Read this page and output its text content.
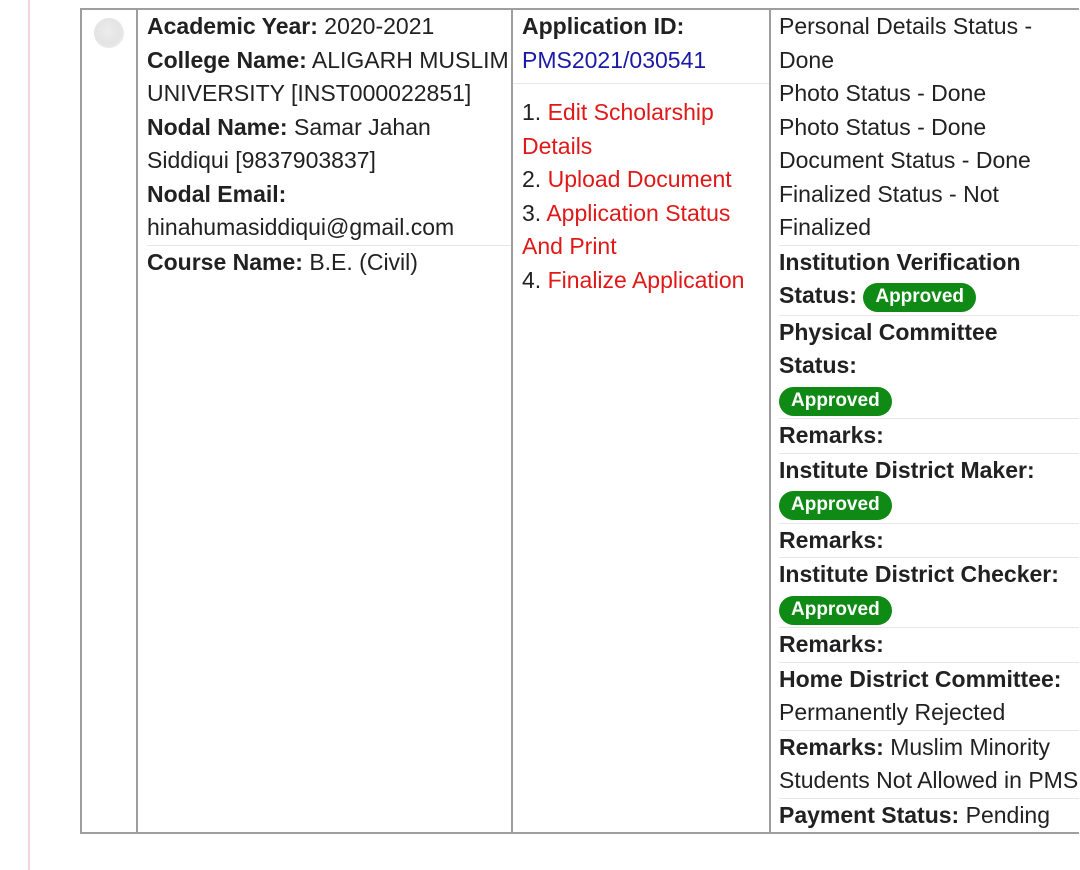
Academic Year: 2020-2021
College Name: ALIGARH MUSLIM UNIVERSITY [INST000022851]
Nodal Name: Samar Jahan Siddiqui [9837903837]
Nodal Email: hinahumasiddiqui@gmail.com
Course Name: B.E. (Civil)

Application ID:
PMS2021/030541
1. Edit Scholarship Details
2. Upload Document
3. Application Status And Print
4. Finalize Application

Personal Details Status - Done
Photo Status - Done
Photo Status - Done
Document Status - Done
Finalized Status - Not Finalized
Institution Verification Status: Approved
Physical Committee Status:
Approved
Remarks:
Institute District Maker:
Approved
Remarks:
Institute District Checker:
Approved
Remarks:
Home District Committee:
Permanently Rejected
Remarks: Muslim Minority Students Not Allowed in PMS
Payment Status: Pending
